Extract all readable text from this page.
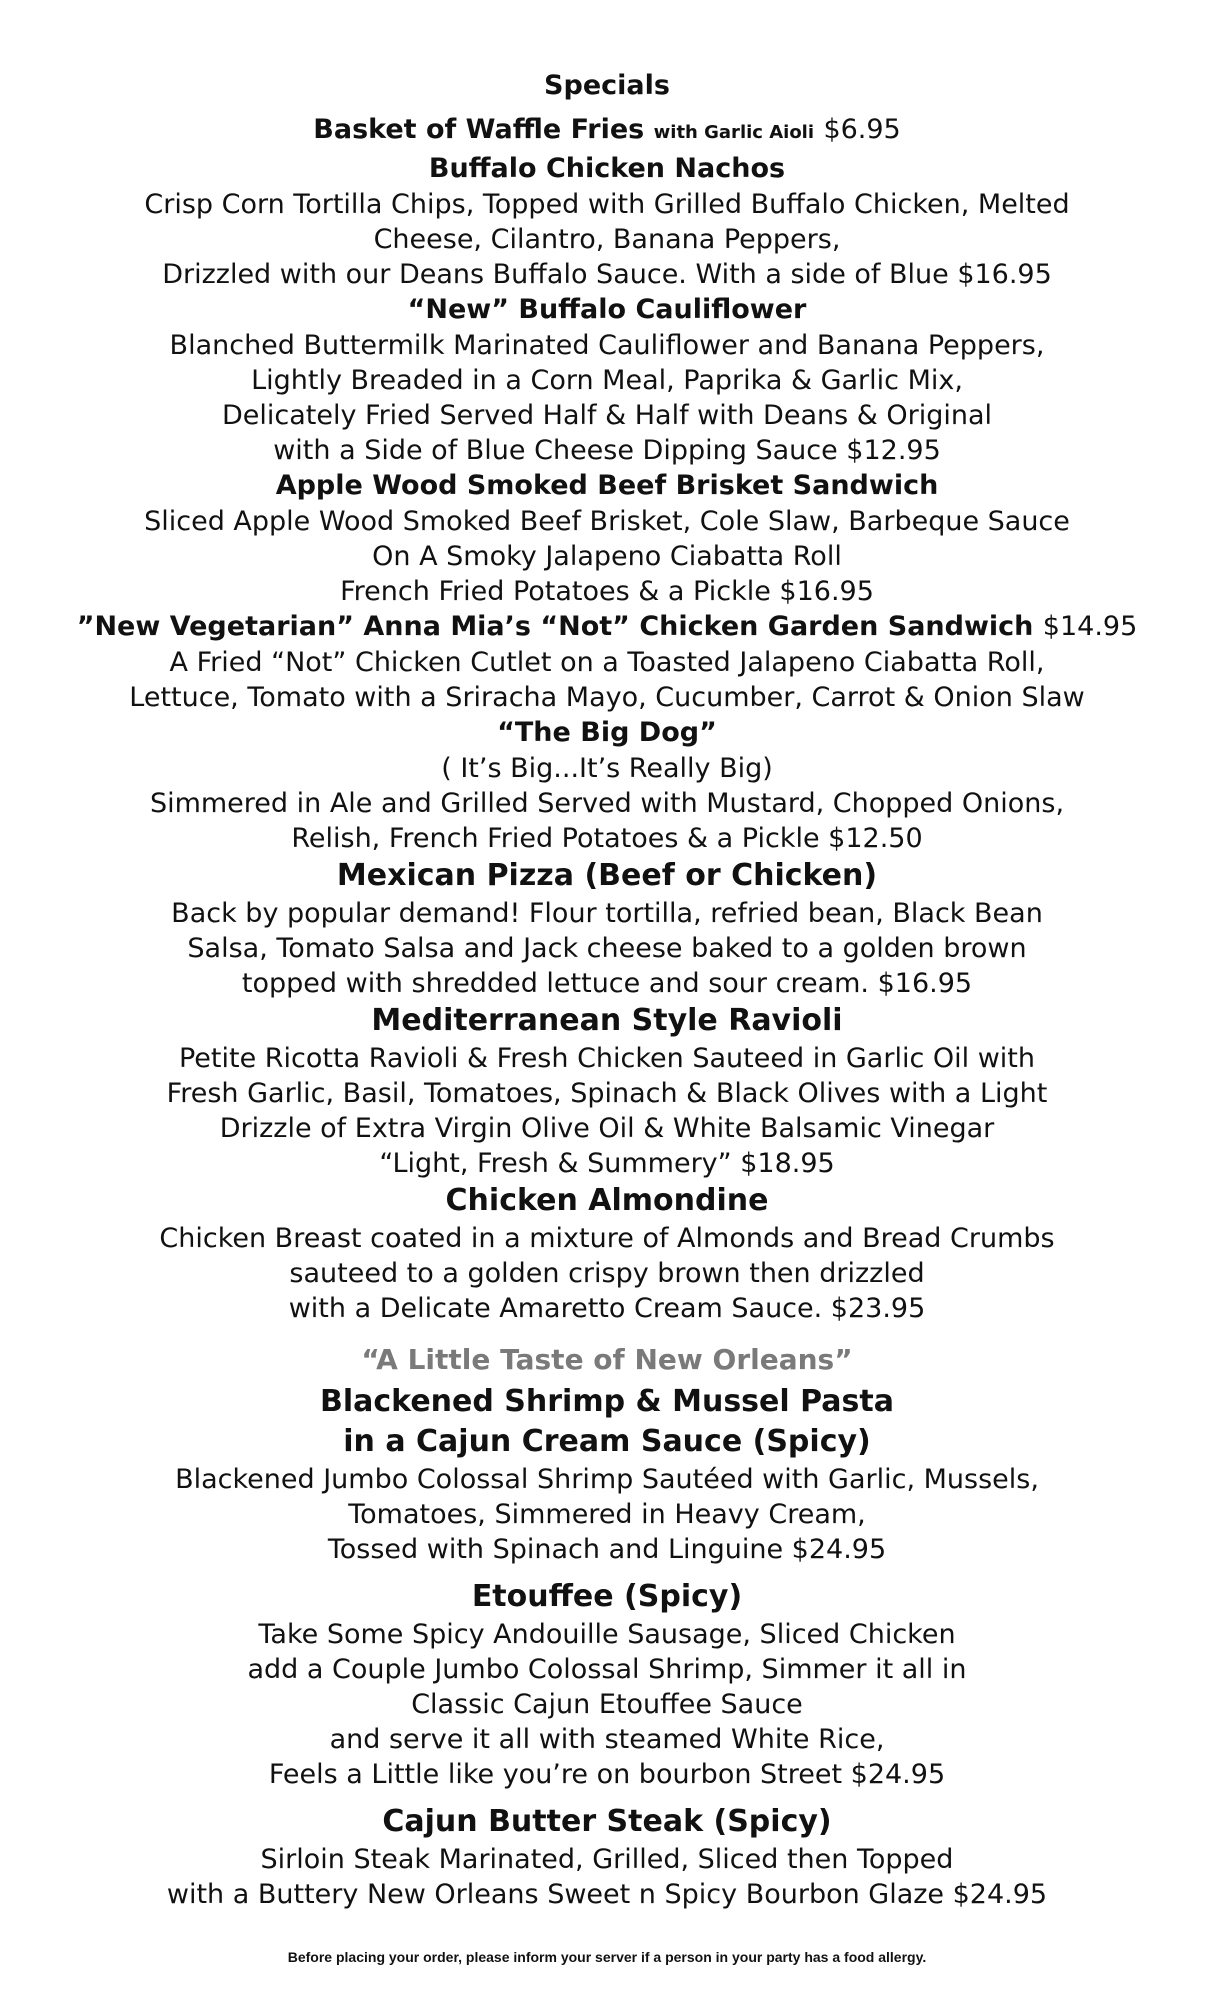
Specials

Basket of Waffle Fries with Garlic Aioli $6.95

Buffalo Chicken Nachos

Crisp Corn Tortilla Chips, Topped with Grilled Buffalo Chicken, Melted

Cheese, Cilantro, Banana Peppers,

Drizzled with our Deans Buffalo Sauce. With a side of Blue $16.95

“New” Buffalo Cauliflower

Blanched Buttermilk Marinated Cauliflower and Banana Peppers,

Lightly Breaded in a Corn Meal, Paprika & Garlic Mix,

Delicately Fried Served Half & Half with Deans & Original

with a Side of Blue Cheese Dipping Sauce $12.95

Apple Wood Smoked Beef Brisket Sandwich

Sliced Apple Wood Smoked Beef Brisket, Cole Slaw, Barbeque Sauce

On A Smoky Jalapeno Ciabatta Roll

French Fried Potatoes & a Pickle $16.95

”New Vegetarian” Anna Mia’s “Not” Chicken Garden Sandwich $14.95

A Fried “Not” Chicken Cutlet on a Toasted Jalapeno Ciabatta Roll,

Lettuce, Tomato with a Sriracha Mayo, Cucumber, Carrot & Onion Slaw

“The Big Dog”

( It’s Big...It’s Really Big)

Simmered in Ale and Grilled Served with Mustard, Chopped Onions,

Relish, French Fried Potatoes & a Pickle $12.50

Mexican Pizza (Beef or Chicken)

Back by popular demand! Flour tortilla, refried bean, Black Bean

Salsa, Tomato Salsa and Jack cheese baked to a golden brown

topped with shredded lettuce and sour cream. $16.95

Mediterranean Style Ravioli

Petite Ricotta Ravioli & Fresh Chicken Sauteed in Garlic Oil with

Fresh Garlic, Basil, Tomatoes, Spinach & Black Olives with a Light

Drizzle of Extra Virgin Olive Oil & White Balsamic Vinegar

“Light, Fresh & Summery” $18.95

Chicken Almondine

Chicken Breast coated in a mixture of Almonds and Bread Crumbs

sauteed to a golden crispy brown then drizzled

with a Delicate Amaretto Cream Sauce. $23.95

“A Little Taste of New Orleans”

Blackened Shrimp & Mussel Pasta

in a Cajun Cream Sauce (Spicy)

Blackened Jumbo Colossal Shrimp Sautéed with Garlic, Mussels,

Tomatoes, Simmered in Heavy Cream,

Tossed with Spinach and Linguine $24.95

Etouffee (Spicy)

Take Some Spicy Andouille Sausage, Sliced Chicken

add a Couple Jumbo Colossal Shrimp, Simmer it all in

Classic Cajun Etouffee Sauce

and serve it all with steamed White Rice,

Feels a Little like you’re on bourbon Street $24.95

Cajun Butter Steak (Spicy)

Sirloin Steak Marinated, Grilled, Sliced then Topped

with a Buttery New Orleans Sweet n Spicy Bourbon Glaze $24.95

Before placing your order, please inform your server if a person in your party has a food allergy.
